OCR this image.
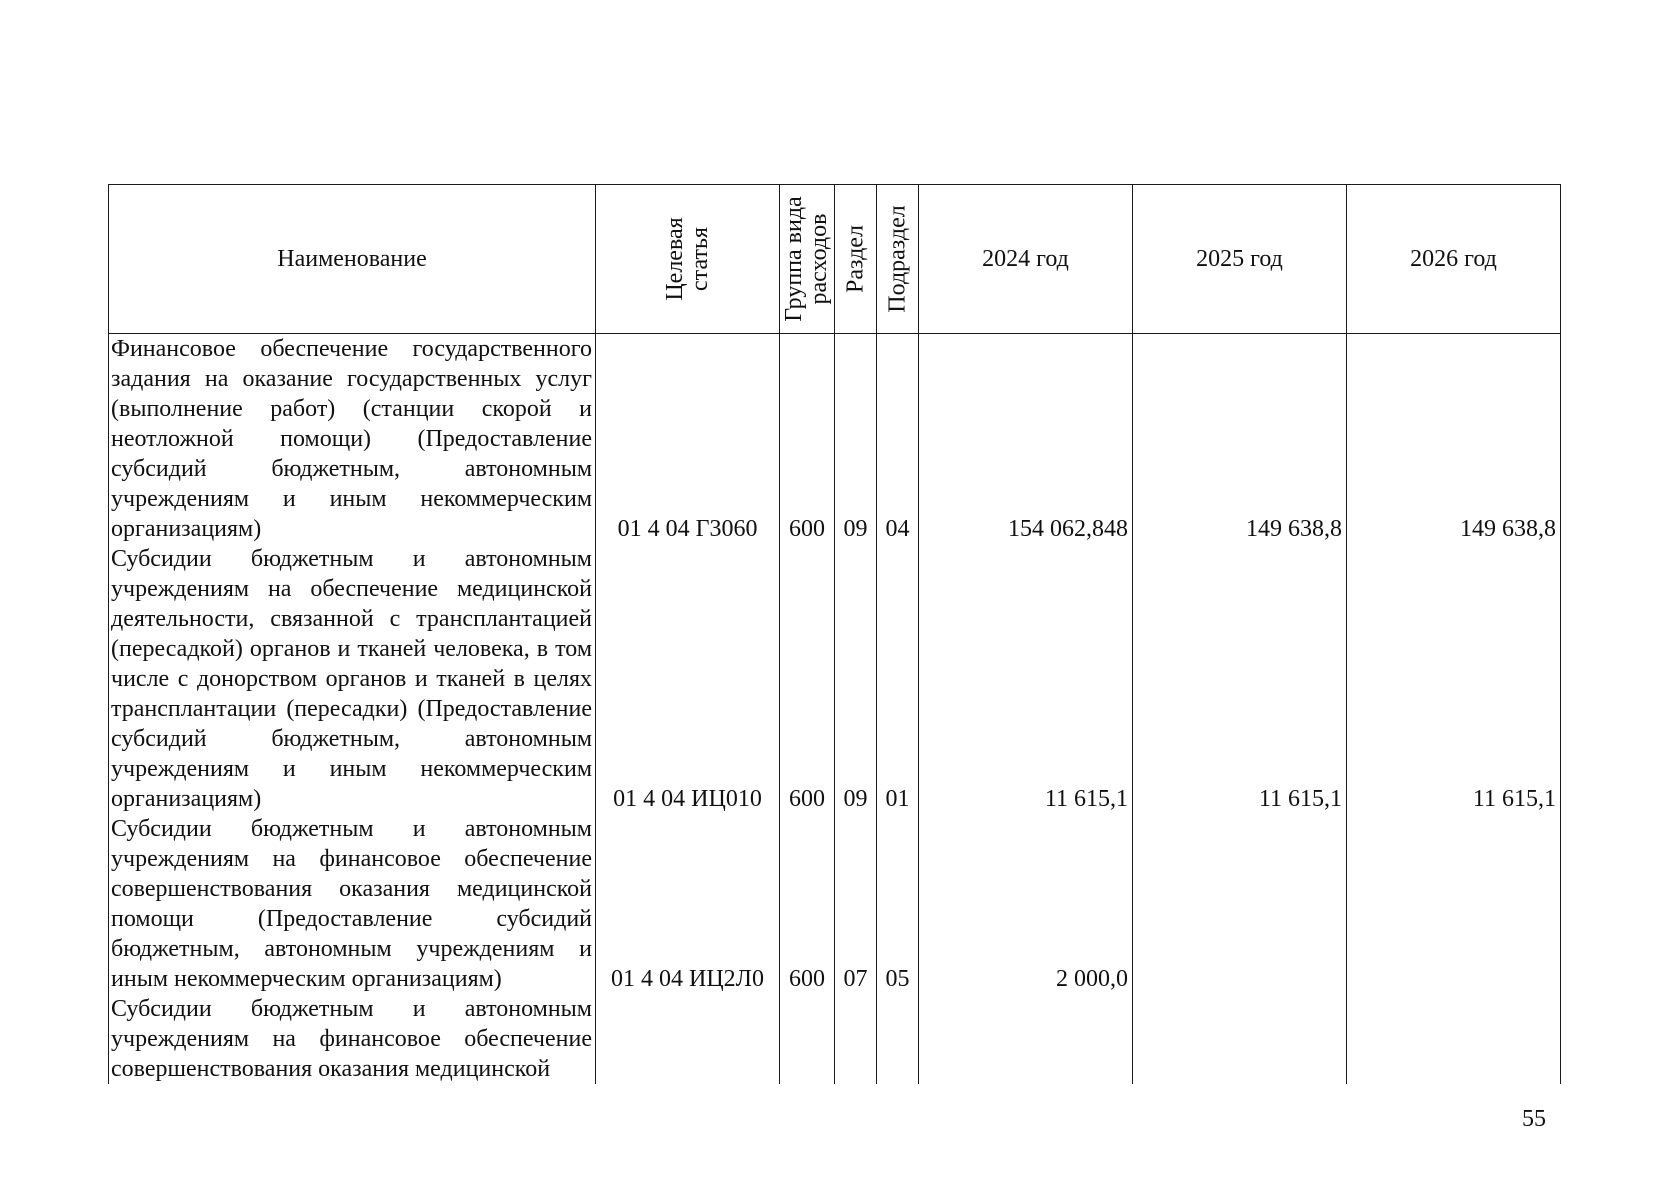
Наименование	Целевая статья	Группа вида расходов	Раздел	Подраздел	2024 год	2025 год	2026 год
Финансовое обеспечение государственного задания на оказание государственных услуг (выполнение работ) (станции скорой и неотложной помощи) (Предоставление субсидий бюджетным, автономным учреждениям и иным некоммерческим организациям)	01 4 04 Г3060	600	09	04	154 062,848	149 638,8	149 638,8
Субсидии бюджетным и автономным учреждениям на обеспечение медицинской деятельности, связанной с трансплантацией (пересадкой) органов и тканей человека, в том числе с донорством органов и тканей в целях трансплантации (пересадки) (Предоставление субсидий бюджетным, автономным учреждениям и иным некоммерческим организациям)	01 4 04 ИЦ010	600	09	01	11 615,1	11 615,1	11 615,1
Субсидии бюджетным и автономным учреждениям на финансовое обеспечение совершенствования оказания медицинской помощи (Предоставление субсидий бюджетным, автономным учреждениям и иным некоммерческим организациям)	01 4 04 ИЦ2Л0	600	07	05	2 000,0		
Субсидии бюджетным и автономным учреждениям на финансовое обеспечение совершенствования оказания медицинской							
55
